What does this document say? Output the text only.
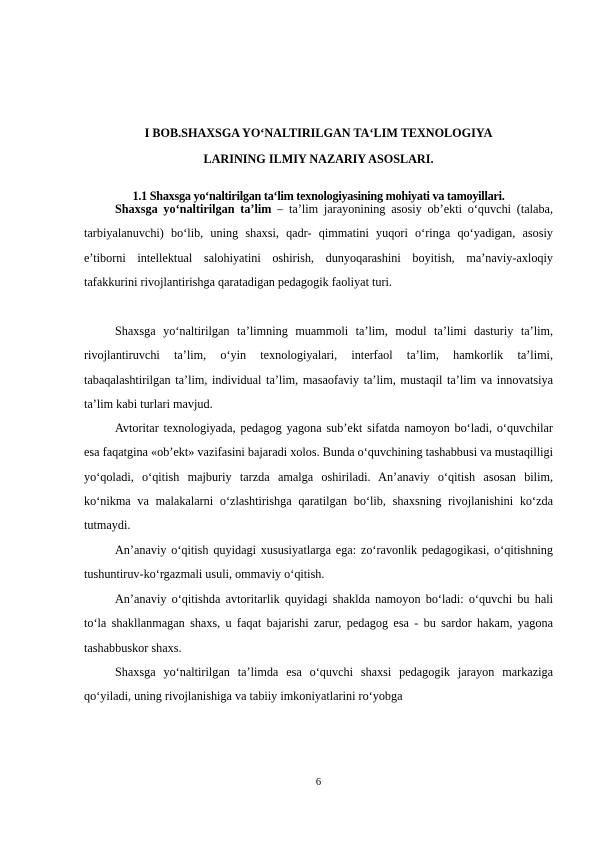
I BOB.SHAXSGA YO‘NALTIRILGAN TA‘LIM TEXNOLOGIYA

LARINING ILMIY NAZARIY ASOSLARI.

1.1 Shaxsga yo‘naltirilgan ta‘lim texnologiyasining mohiyati va tamoyillari.

Shaxsga yo‘naltirilgan ta’lim – ta’lim jarayonining asosiy ob’ekti o‘quvchi (talaba, tarbiyalanuvchi) bo‘lib, uning shaxsi, qadr- qimmatini yuqori o‘ringa qo‘yadigan, asosiy e’tiborni intellektual salohiyatini oshirish, dunyoqarashini boyitish, ma’naviy-axloqiy tafakkurini rivojlantirishga qaratadigan pedagogik faoliyat turi.

Shaxsga yo‘naltirilgan ta’limning muammoli ta’lim, modul ta’limi dasturiy ta’lim, rivojlantiruvchi ta’lim, o‘yin texnologiyalari, interfaol ta’lim, hamkorlik ta’limi, tabaqalashtirilgan ta’lim, individual ta’lim, masaofaviy ta’lim, mustaqil ta’lim va innovatsiya ta’lim kabi turlari mavjud.

Avtoritar texnologiyada, pedagog yagona sub’ekt sifatda namoyon bo‘ladi, o‘quvchilar esa faqatgina «ob’ekt» vazifasini bajaradi xolos. Bunda o‘quvchining tashabbusi va mustaqilligi yo‘qoladi, o‘qitish majburiy tarzda amalga oshiriladi. An’anaviy o‘qitish asosan bilim, ko‘nikma va malakalarni o‘zlashtirishga qaratilgan bo‘lib, shaxsning rivojlanishini ko‘zda tutmaydi.

An’anaviy o‘qitish quyidagi xususiyatlarga ega: zo‘ravonlik pedagogikasi, o‘qitishning tushuntiruv-ko‘rgazmali usuli, ommaviy o‘qitish.

An’anaviy o‘qitishda avtoritarlik quyidagi shaklda namoyon bo‘ladi: o‘quvchi bu hali to‘la shakllanmagan shaxs, u faqat bajarishi zarur, pedagog esa - bu sardor hakam, yagona tashabbuskor shaxs.

Shaxsga yo‘naltirilgan ta’limda esa o‘quvchi shaxsi pedagogik jarayon markaziga qo‘yiladi, uning rivojlanishiga va tabiiy imkoniyatlarini ro‘yobga

6
